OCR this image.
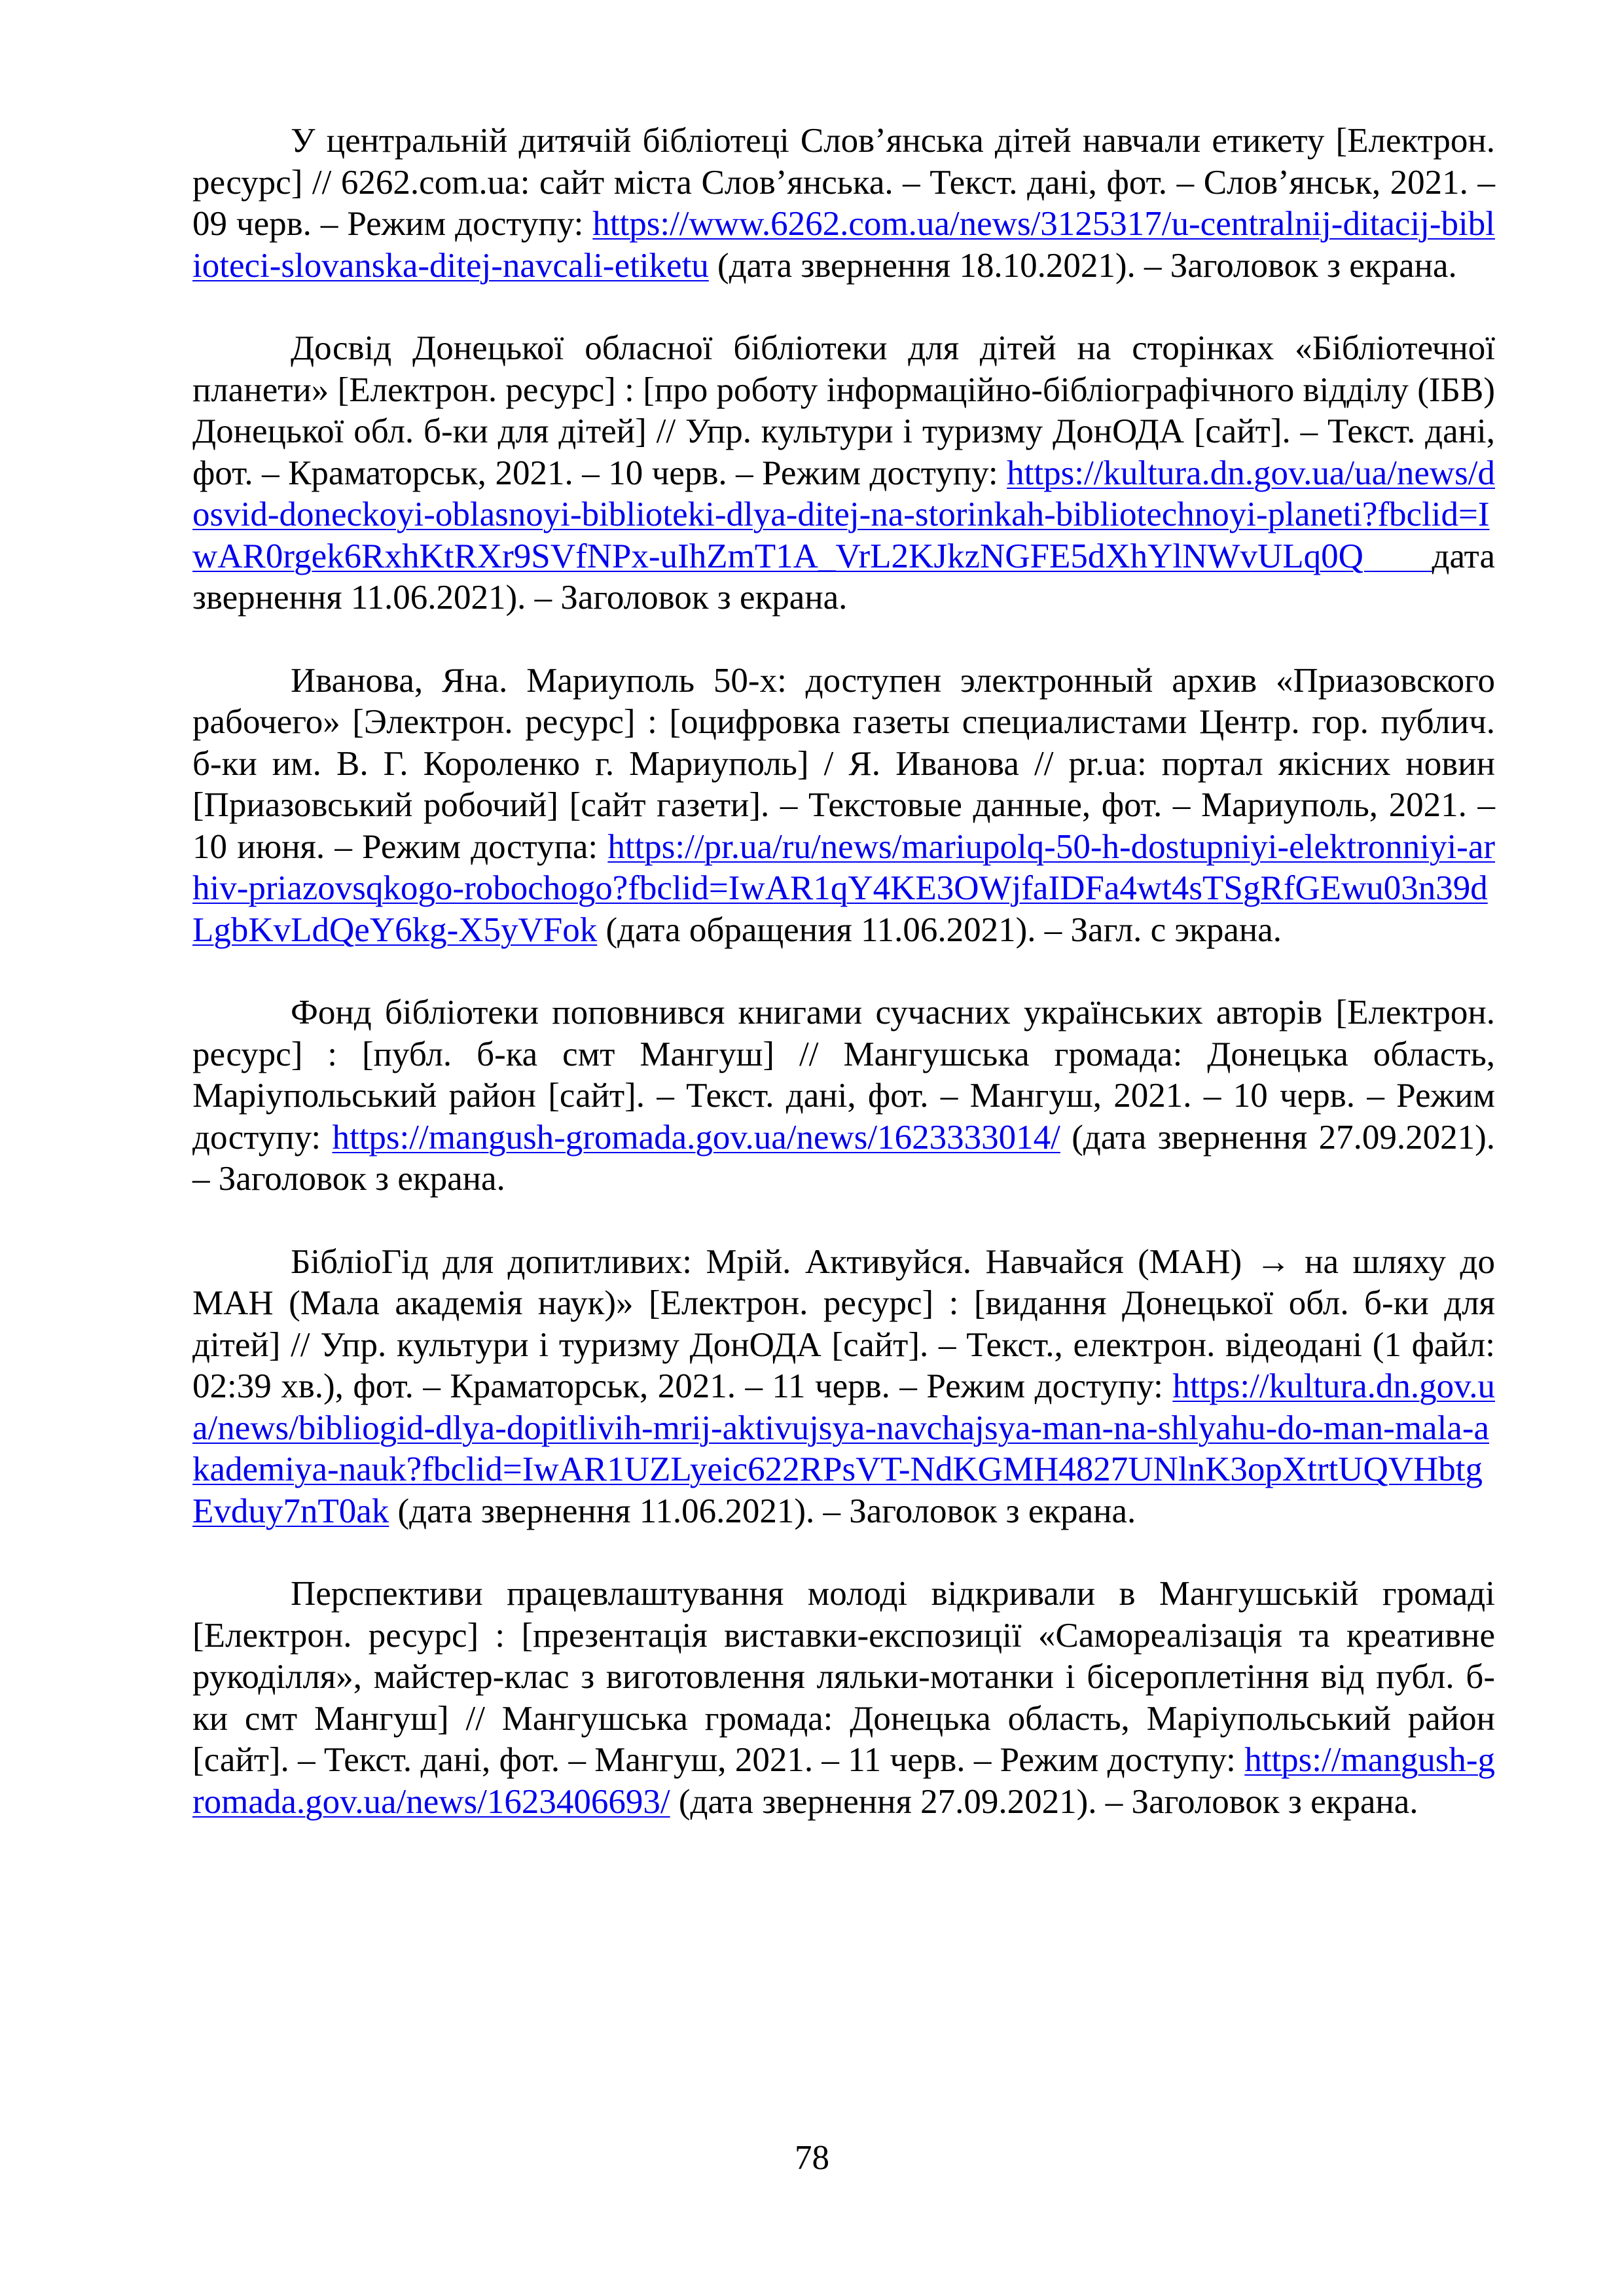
У центральній дитячій бібліотеці Слов’янська дітей навчали етикету [Електрон. ресурс] // 6262.com.ua: сайт міста Слов’янська. – Текст. дані, фот. – Слов’янськ, 2021. – 09 черв. – Режим доступу: https://www.6262.com.ua/news/3125317/u-centralnij-ditacij-biblioteci-slovanska-ditej-navcali-etiketu (дата звернення 18.10.2021). – Заголовок з екрана.

Досвід Донецької обласної бібліотеки для дітей на сторінках «Бібліотечної планети» [Електрон. ресурс] : [про роботу інформаційно-бібліографічного відділу (ІБВ) Донецької обл. б-ки для дітей] // Упр. культури і туризму ДонОДА [сайт]. – Текст. дані, фот. – Краматорськ, 2021. – 10 черв. – Режим доступу: https://kultura.dn.gov.ua/ua/news/dosvid-doneckoyi-oblasnoyi-biblioteki-dlya-ditej-na-storinkah-bibliotechnoyi-planeti?fbclid=IwAR0rgek6RxhKtRXr9SVfNPx-uIhZmT1A_VrL2KJkzNGFE5dXhYlNWvULq0Q дата звернення 11.06.2021). – Заголовок з екрана.

Иванова, Яна. Мариуполь 50-х: доступен электронный архив «Приазовского рабочего» [Электрон. ресурс] : [оцифровка газеты специалистами Центр. гор. публич. б-ки им. В. Г. Короленко г. Мариуполь] / Я. Иванова // pr.ua: портал якісних новин [Приазовський робочий] [сайт газети]. – Текстовые данные, фот. – Мариуполь, 2021. – 10 июня. – Режим доступа: https://pr.ua/ru/news/mariupolq-50-h-dostupniyi-elektronniyi-arhiv-priazovsqkogo-robochogo?fbclid=IwAR1qY4KE3OWjfaIDFa4wt4sTSgRfGEwu03n39dLgbKvLdQeY6kg-X5yVFok (дата обращения 11.06.2021). – Загл. с экрана.

Фонд бібліотеки поповнився книгами сучасних українських авторів [Електрон. ресурс] : [публ. б-ка смт Мангуш] // Мангушська громада: Донецька область, Маріупольський район [сайт]. – Текст. дані, фот. – Мангуш, 2021. – 10 черв. – Режим доступу: https://mangush-gromada.gov.ua/news/1623333014/ (дата звернення 27.09.2021). – Заголовок з екрана.

БібліоГід для допитливих: Мрій. Активуйся. Навчайся (МАН) → на шляху до МАН (Мала академія наук)» [Електрон. ресурс] : [видання Донецької обл. б-ки для дітей] // Упр. культури і туризму ДонОДА [сайт]. – Текст., електрон. відеодані (1 файл: 02:39 хв.), фот. – Краматорськ, 2021. – 11 черв. – Режим доступу: https://kultura.dn.gov.ua/news/bibliogid-dlya-dopitlivih-mrij-aktivujsya-navchajsya-man-na-shlyahu-do-man-mala-akademiya-nauk?fbclid=IwAR1UZLyeic622RPsVT-NdKGMH4827UNlnK3opXtrtUQVHbtgEvduy7nT0ak (дата звернення 11.06.2021). – Заголовок з екрана.

Перспективи працевлаштування молоді відкривали в Мангушській громаді [Електрон. ресурс] : [презентація виставки-експозиції «Самореалізація та креативне рукоділля», майстер-клас з виготовлення ляльки-мотанки і бісероплетіння від публ. б-ки смт Мангуш] // Мангушська громада: Донецька область, Маріупольський район [сайт]. – Текст. дані, фот. – Мангуш, 2021. – 11 черв. – Режим доступу: https://mangush-gromada.gov.ua/news/1623406693/ (дата звернення 27.09.2021). – Заголовок з екрана.

78
